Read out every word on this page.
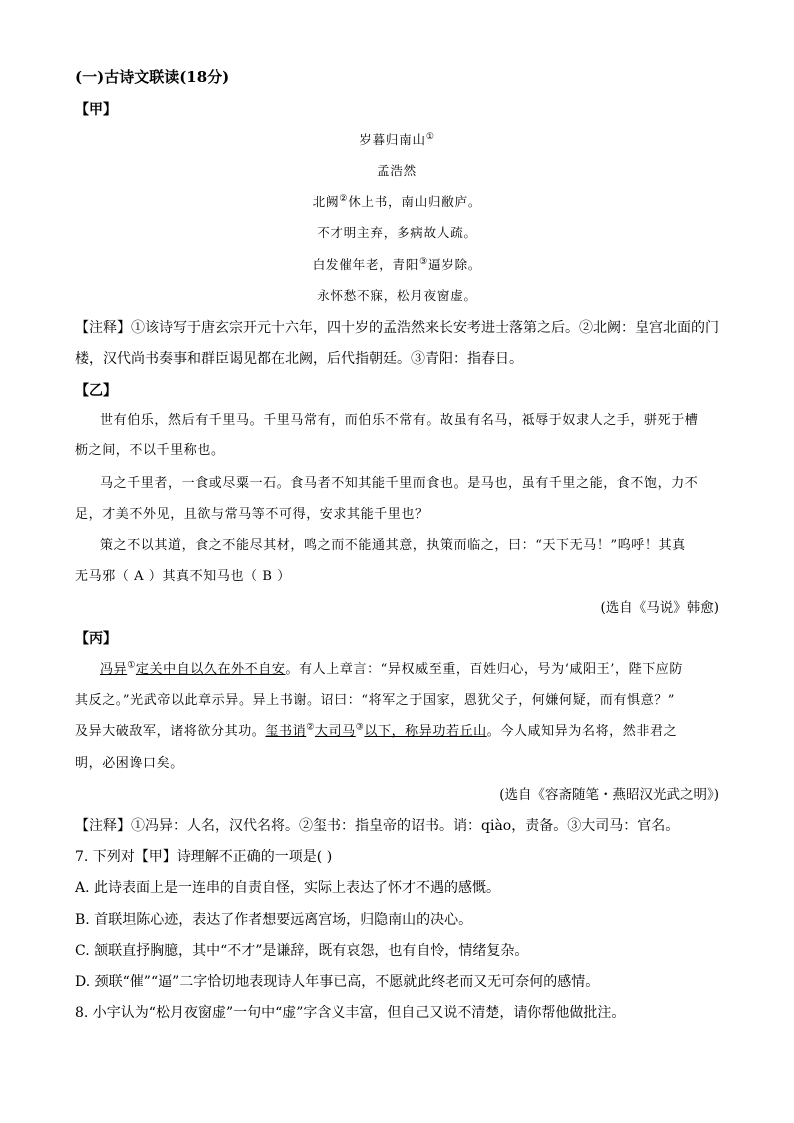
(一)古诗文联读(18分)
【甲】
岁暮归南山①
孟浩然
北阙②休上书，南山归敝庐。
不才明主弃，多病故人疏。
白发催年老，青阳③逼岁除。
永怀愁不寐，松月夜窗虚。
【注释】①该诗写于唐玄宗开元十六年，四十岁的孟浩然来长安考进士落第之后。②北阙：皇宫北面的门
楼，汉代尚书奏事和群臣谒见都在北阙，后代指朝廷。③青阳：指春日。
【乙】
世有伯乐，然后有千里马。千里马常有，而伯乐不常有。故虽有名马，祗辱于奴隶人之手，骈死于槽
枥之间，不以千里称也。
马之千里者，一食或尽粟一石。食马者不知其能千里而食也。是马也，虽有千里之能，食不饱，力不
足，才美不外见，且欲与常马等不可得，安求其能千里也？
策之不以其道，食之不能尽其材，鸣之而不能通其意，执策而临之，曰：“天下无马！”呜呼！其真
无马邪（ A ）其真不知马也（ B ）
(选自《马说》韩愈)
【丙】
冯异①定关中自以久在外不自安。有人上章言：“异权威至重，百姓归心，号为‘咸阳王’，陛下应防
其反之。”光武帝以此章示异。异上书谢。诏曰：“将军之于国家，恩犹父子，何嫌何疑，而有惧意？”
及异大破敌军，诸将欲分其功。玺书诮②大司马③以下，称异功若丘山。今人咸知异为名将，然非君之
明，必困谗口矣。
(选自《容斋随笔・燕昭汉光武之明》)
【注释】①冯异：人名，汉代名将。②玺书：指皇帝的诏书。诮：qiào，责备。③大司马：官名。
7. 下列对【甲】诗理解不正确的一项是( )
A. 此诗表面上是一连串的自责自怪，实际上表达了怀才不遇的感慨。
B. 首联坦陈心迹，表达了作者想要远离宫场，归隐南山的决心。
C. 颔联直抒胸臆，其中“不才”是谦辞，既有哀怨，也有自怜，情绪复杂。
D. 颈联“催”“逼”二字恰切地表现诗人年事已高，不愿就此终老而又无可奈何的感情。
8. 小宇认为“松月夜窗虚”一句中“虚”字含义丰富，但自己又说不清楚，请你帮他做批注。
